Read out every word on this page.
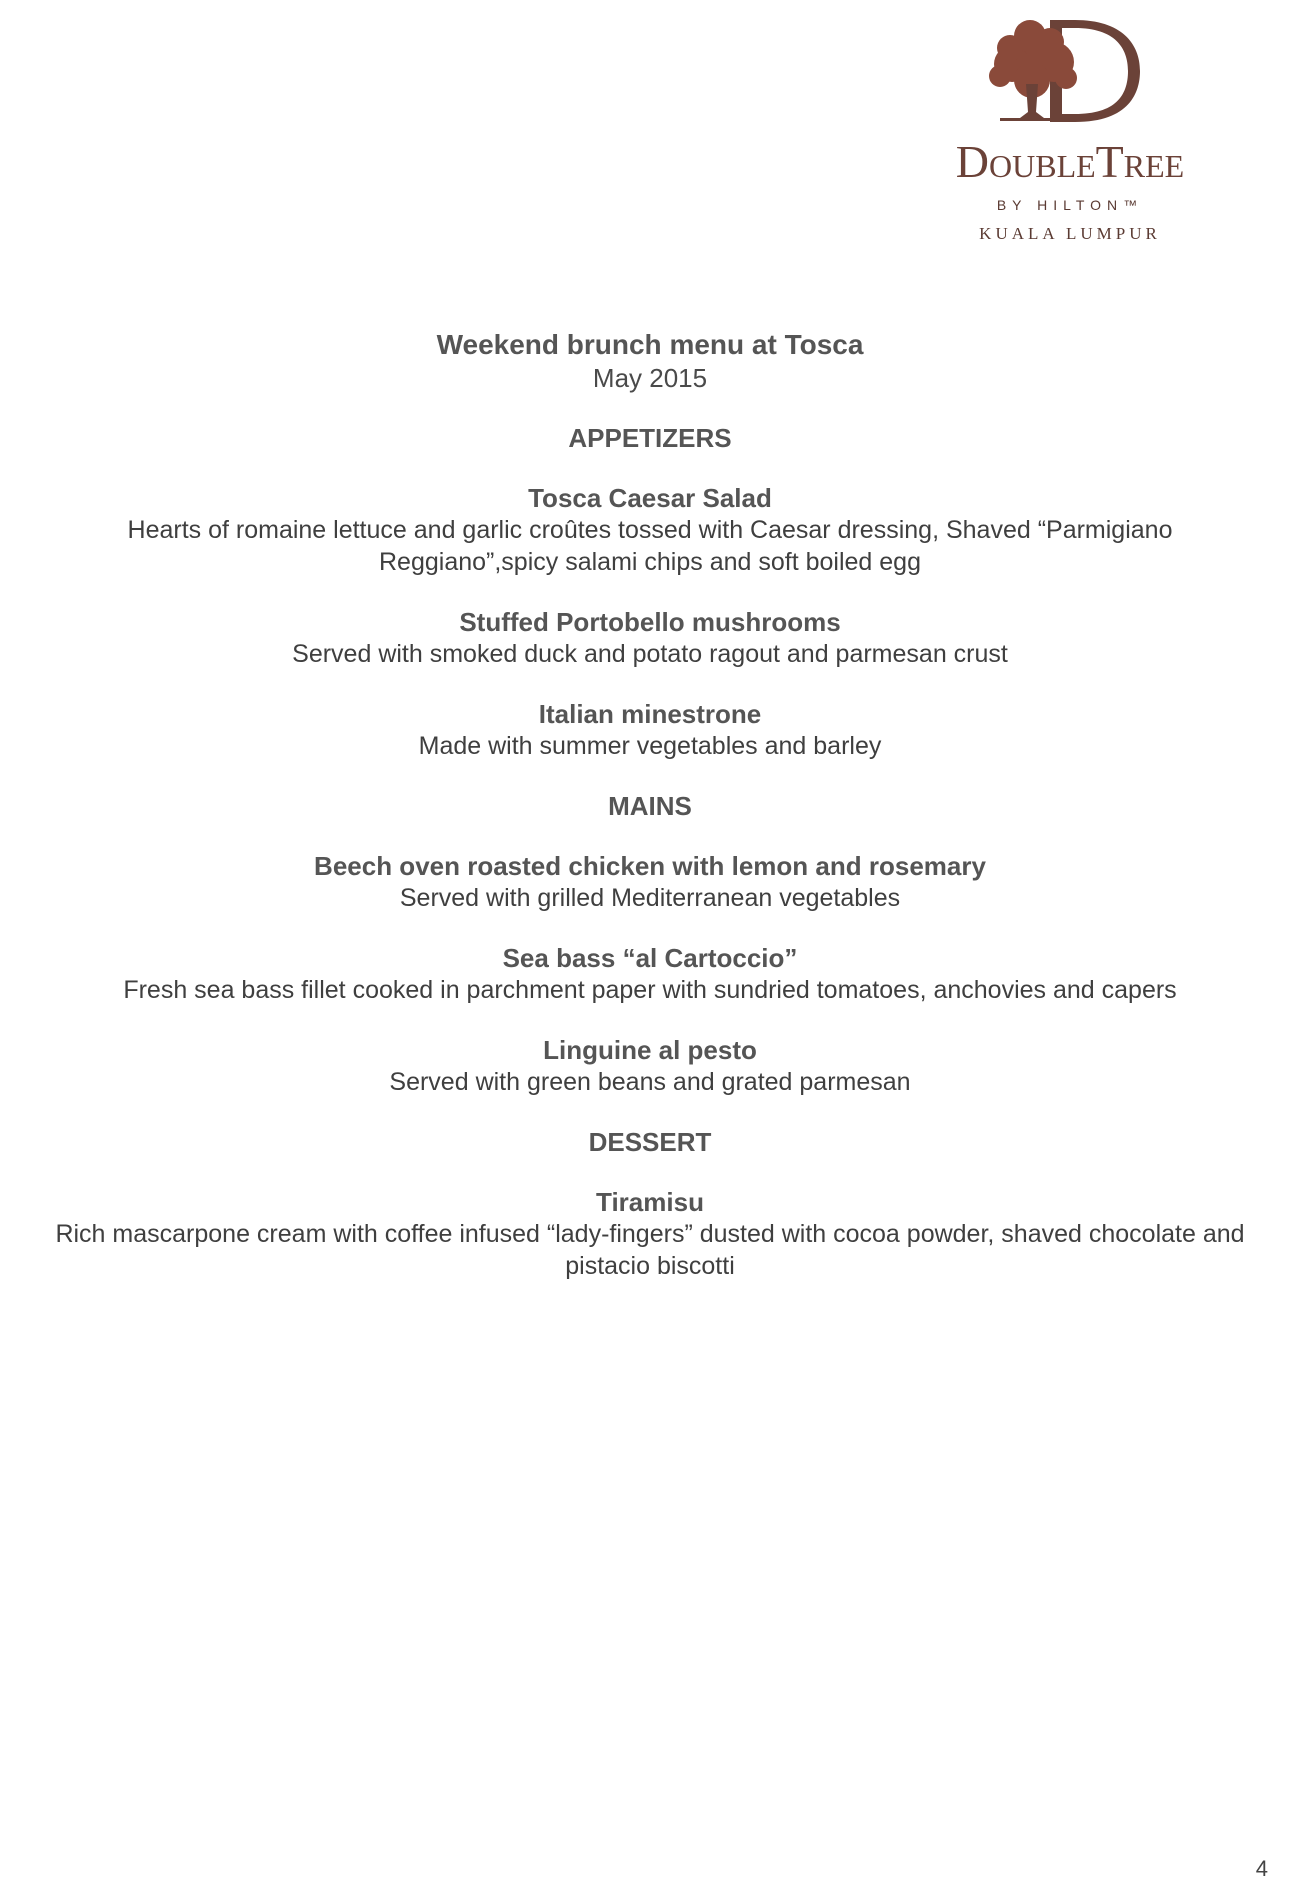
DoubleTree
BY HILTON™
KUALA LUMPUR

Weekend brunch menu at Tosca

May 2015

APPETIZERS

Tosca Caesar Salad

Hearts of romaine lettuce and garlic croûtes tossed with Caesar dressing, Shaved “Parmigiano Reggiano”,spicy salami chips and soft boiled egg

Stuffed Portobello mushrooms

Served with smoked duck and potato ragout and parmesan crust

Italian minestrone

Made with summer vegetables and barley

MAINS

Beech oven roasted chicken with lemon and rosemary

Served with grilled Mediterranean vegetables

Sea bass “al Cartoccio”

Fresh sea bass fillet cooked in parchment paper with sundried tomatoes, anchovies and capers

Linguine al pesto

Served with green beans and grated parmesan

DESSERT

Tiramisu

Rich mascarpone cream with coffee infused “lady-fingers” dusted with cocoa powder, shaved chocolate and pistacio biscotti

4
